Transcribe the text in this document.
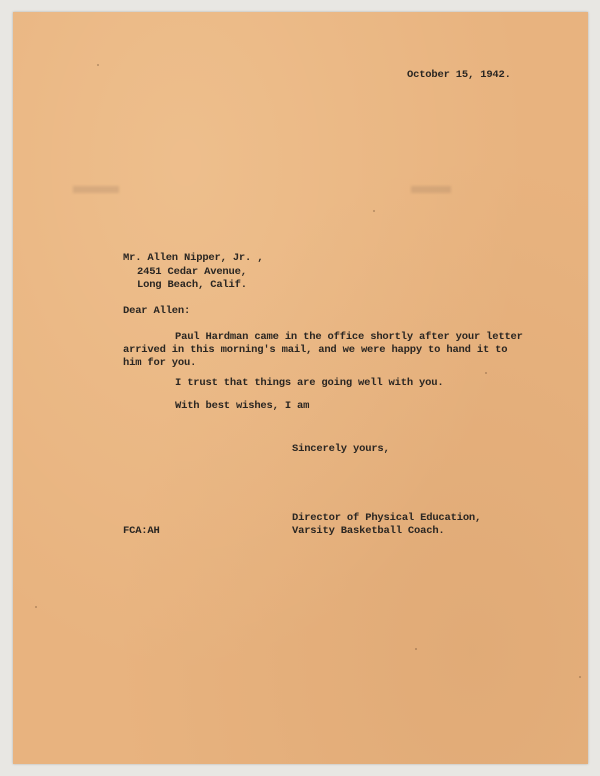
October 15, 1942.

Mr. Allen Nipper, Jr. ,

2451 Cedar Avenue,

Long Beach, Calif.

Dear Allen:

Paul Hardman came in the office shortly after your letter

arrived in this morning's mail, and we were happy to hand it to

him for you.

I trust that things are going well with you.

With best wishes, I am

Sincerely yours,

Director of Physical Education,

Varsity Basketball Coach.

FCA:AH
